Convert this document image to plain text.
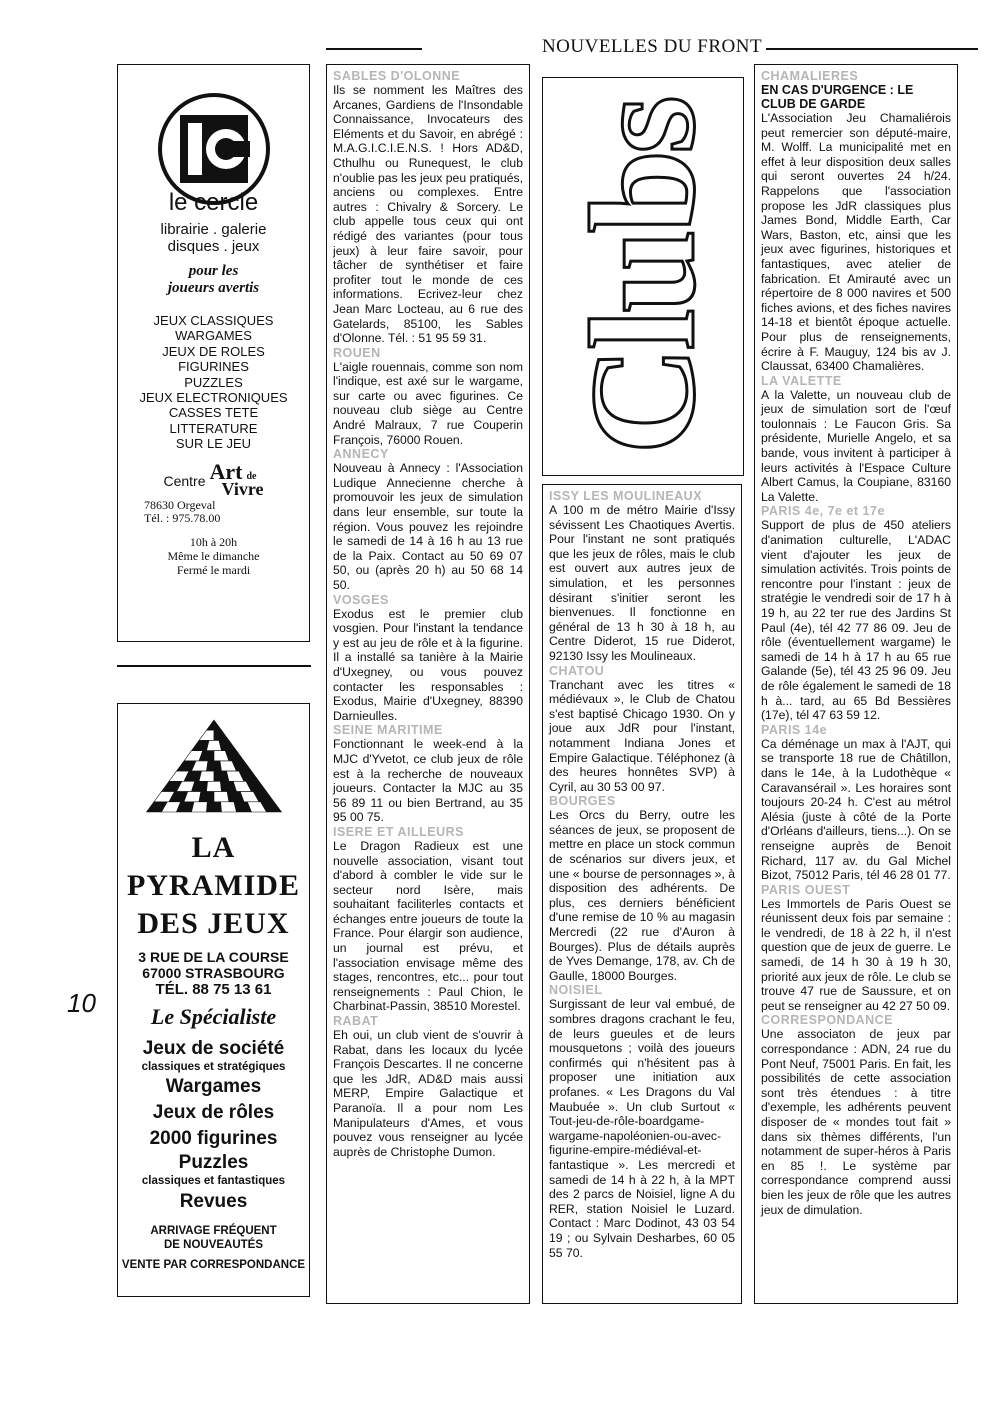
NOUVELLES DU FRONT
10
le cercle
librairie . galerie
disques . jeux
pour les
joueurs avertis
JEUX CLASSIQUES
WARGAMES
JEUX DE ROLES
FIGURINES
PUZZLES
JEUX ELECTRONIQUES
CASSES TETE
LITTERATURE
SUR LE JEU
Centre Art de
Vivre
78630 Orgeval
Tél. : 975.78.00
10h à 20h
Même le dimanche
Fermé le mardi
LA PYRAMIDE
DES JEUX
3 RUE DE LA COURSE
67000 STRASBOURG
TÉL. 88 75 13 61
Le Spécialiste
Jeux de société
classiques et stratégiques
Wargames
Jeux de rôles
2000 figurines
Puzzles
classiques et fantastiques
Revues
ARRIVAGE FRÉQUENT
DE NOUVEAUTÉS
VENTE PAR CORRESPONDANCE
SABLES D'OLONNE

Ils se nomment les Maîtres des Arcanes, Gardiens de l'Insondable Connaissance, Invocateurs des Eléments et du Savoir, en abrégé : M.A.G.I.C.I.E.N.S. ! Hors AD&D, Cthulhu ou Runequest, le club n'oublie pas les jeux peu pratiqués, anciens ou complexes. Entre autres : Chivalry & Sorcery. Le club appelle tous ceux qui ont rédigé des variantes (pour tous jeux) à leur faire savoir, pour tâcher de synthétiser et faire profiter tout le monde de ces informations. Ecrivez-leur chez Jean Marc Locteau, au 6 rue des Gatelards, 85100, les Sables d'Olonne. Tél. : 51 95 59 31.

ROUEN

L'aigle rouennais, comme son nom l'indique, est axé sur le wargame, sur carte ou avec figurines. Ce nouveau club siège au Centre André Malraux, 7 rue Couperin François, 76000 Rouen.

ANNECY

Nouveau à Annecy : l'Association Ludique Annecienne cherche à promouvoir les jeux de simulation dans leur ensemble, sur toute la région. Vous pouvez les rejoindre le samedi de 14 à 16 h au 13 rue de la Paix. Contact au 50 69 07 50, ou (après 20 h) au 50 68 14 50.

VOSGES

Exodus est le premier club vosgien. Pour l'instant la tendance y est au jeu de rôle et à la figurine. Il a installé sa tanière à la Mairie d'Uxegney, ou vous pouvez contacter les responsables : Exodus, Mairie d'Uxegney, 88390 Darnieulles.

SEINE MARITIME

Fonctionnant le week-end à la MJC d'Yvetot, ce club jeux de rôle est à la recherche de nouveaux joueurs. Contacter la MJC au 35 56 89 11 ou bien Bertrand, au 35 95 00 75.

ISERE ET AILLEURS

Le Dragon Radieux est une nouvelle association, visant tout d'abord à combler le vide sur le secteur nord Isère, mais souhaitant faciliterles contacts et échanges entre joueurs de toute la France. Pour élargir son audience, un journal est prévu, et l'association envisage même des stages, rencontres, etc... pour tout renseignements : Paul Chion, le Charbinat-Passin, 38510 Morestel.

RABAT

Eh oui, un club vient de s'ouvrir à Rabat, dans les locaux du lycée François Descartes. Il ne concerne que les JdR, AD&D mais aussi MERP, Empire Galactique et Paranoïa. Il a pour nom Les Manipulateurs d'Ames, et vous pouvez vous renseigner au lycée auprès de Christophe Dumon.

Clubs
ISSY LES MOULINEAUX

A 100 m de métro Mairie d'Issy sévissent Les Chaotiques Avertis. Pour l'instant ne sont pratiqués que les jeux de rôles, mais le club est ouvert aux autres jeux de simulation, et les personnes désirant s'initier seront les bienvenues. Il fonctionne en général de 13 h 30 à 18 h, au Centre Diderot, 15 rue Diderot, 92130 Issy les Moulineaux.

CHATOU

Tranchant avec les titres « médiévaux », le Club de Chatou s'est baptisé Chicago 1930. On y joue aux JdR pour l'instant, notamment Indiana Jones et Empire Galactique. Téléphonez (à des heures honnêtes SVP) à Cyril, au 30 53 00 97.

BOURGES

Les Orcs du Berry, outre les séances de jeux, se proposent de mettre en place un stock commun de scénarios sur divers jeux, et une « bourse de personnages », à disposition des adhérents. De plus, ces derniers bénéficient d'une remise de 10 % au magasin Mercredi (22 rue d'Auron à Bourges). Plus de détails auprès de Yves Demange, 178, av. Ch de Gaulle, 18000 Bourges.

NOISIEL

Surgissant de leur val embué, de sombres dragons crachant le feu, de leurs gueules et de leurs mousquetons ; voilà des joueurs confirmés qui n'hésitent pas à proposer une initiation aux profanes. « Les Dragons du Val Maubuée ». Un club Surtout « Tout-jeu-de-rôle-boardgame-wargame-napoléonien-ou-avec-figurine-empire-médiéval-et-fantastique ». Les mercredi et samedi de 14 h à 22 h, à la MPT des 2 parcs de Noisiel, ligne A du RER, station Noisiel le Luzard. Contact : Marc Dodinot, 43 03 54 19 ; ou Sylvain Desharbes, 60 05 55 70.

CHAMALIERES
EN CAS D'URGENCE : LE CLUB DE GARDE

L'Association Jeu Chamaliérois peut remercier son député-maire, M. Wolff. La municipalité met en effet à leur disposition deux salles qui seront ouvertes 24 h/24. Rappelons que l'association propose les JdR classiques plus James Bond, Middle Earth, Car Wars, Baston, etc, ainsi que les jeux avec figurines, historiques et fantastiques, avec atelier de fabrication. Et Amirauté avec un répertoire de 8 000 navires et 500 fiches avions, et des fiches navires 14-18 et bientôt époque actuelle. Pour plus de renseignements, écrire à F. Mauguy, 124 bis av J. Claussat, 63400 Chamalières.

LA VALETTE

A la Valette, un nouveau club de jeux de simulation sort de l'œuf toulonnais : Le Faucon Gris. Sa présidente, Murielle Angelo, et sa bande, vous invitent à participer à leurs activités à l'Espace Culture Albert Camus, la Coupiane, 83160 La Valette.

PARIS 4e, 7e et 17e

Support de plus de 450 ateliers d'animation culturelle, L'ADAC vient d'ajouter les jeux de simulation activités. Trois points de rencontre pour l'instant : jeux de stratégie le vendredi soir de 17 h à 19 h, au 22 ter rue des Jardins St Paul (4e), tél 42 77 86 09. Jeu de rôle (éventuellement wargame) le samedi de 14 h à 17 h au 65 rue Galande (5e), tél 43 25 96 09. Jeu de rôle également le samedi de 18 h à... tard, au 65 Bd Bessières (17e), tél 47 63 59 12.

PARIS 14e

Ca déménage un max à l'AJT, qui se transporte 18 rue de Châtillon, dans le 14e, à la Ludothèque « Caravansérail ». Les horaires sont toujours 20-24 h. C'est au métrol Alésia (juste à côté de la Porte d'Orléans d'ailleurs, tiens...). On se renseigne auprès de Benoit Richard, 117 av. du Gal Michel Bizot, 75012 Paris, tél 46 28 01 77.

PARIS OUEST

Les Immortels de Paris Ouest se réunissent deux fois par semaine : le vendredi, de 18 à 22 h, il n'est question que de jeux de guerre. Le samedi, de 14 h 30 à 19 h 30, priorité aux jeux de rôle. Le club se trouve 47 rue de Saussure, et on peut se renseigner au 42 27 50 09.

CORRESPONDANCE

Une associaton de jeux par correspondance : ADN, 24 rue du Pont Neuf, 75001 Paris. En fait, les possibilités de cette association sont très étendues : à titre d'exemple, les adhérents peuvent disposer de « mondes tout fait » dans six thèmes différents, l'un notamment de super-héros à Paris en 85 !. Le système par correspondance comprend aussi bien les jeux de rôle que les autres jeux de dimulation.
